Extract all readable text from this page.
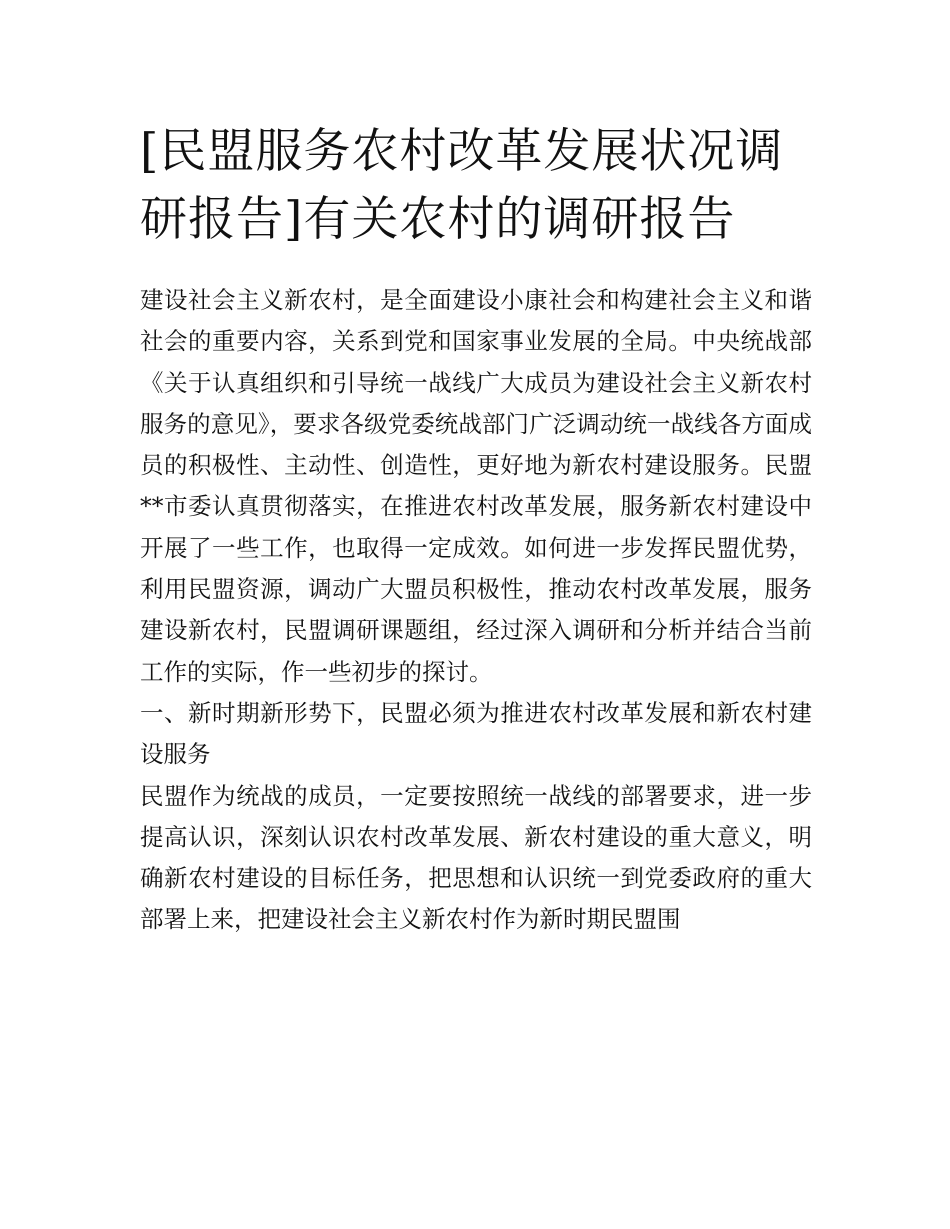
[民盟服务农村改革发展状况调研报告]有关农村的调研报告

建设社会主义新农村，是全面建设小康社会和构建社会主义和谐社会的重要内容，关系到党和国家事业发展的全局。中央统战部《关于认真组织和引导统一战线广大成员为建设社会主义新农村服务的意见》，要求各级党委统战部门广泛调动统一战线各方面成员的积极性、主动性、创造性，更好地为新农村建设服务。民盟**市委认真贯彻落实，在推进农村改革发展，服务新农村建设中开展了一些工作，也取得一定成效。如何进一步发挥民盟优势，利用民盟资源，调动广大盟员积极性，推动农村改革发展，服务建设新农村，民盟调研课题组，经过深入调研和分析并结合当前工作的实际，作一些初步的探讨。

一、新时期新形势下，民盟必须为推进农村改革发展和新农村建设服务

民盟作为统战的成员，一定要按照统一战线的部署要求，进一步提高认识，深刻认识农村改革发展、新农村建设的重大意义，明确新农村建设的目标任务，把思想和认识统一到党委政府的重大部署上来，把建设社会主义新农村作为新时期民盟围
